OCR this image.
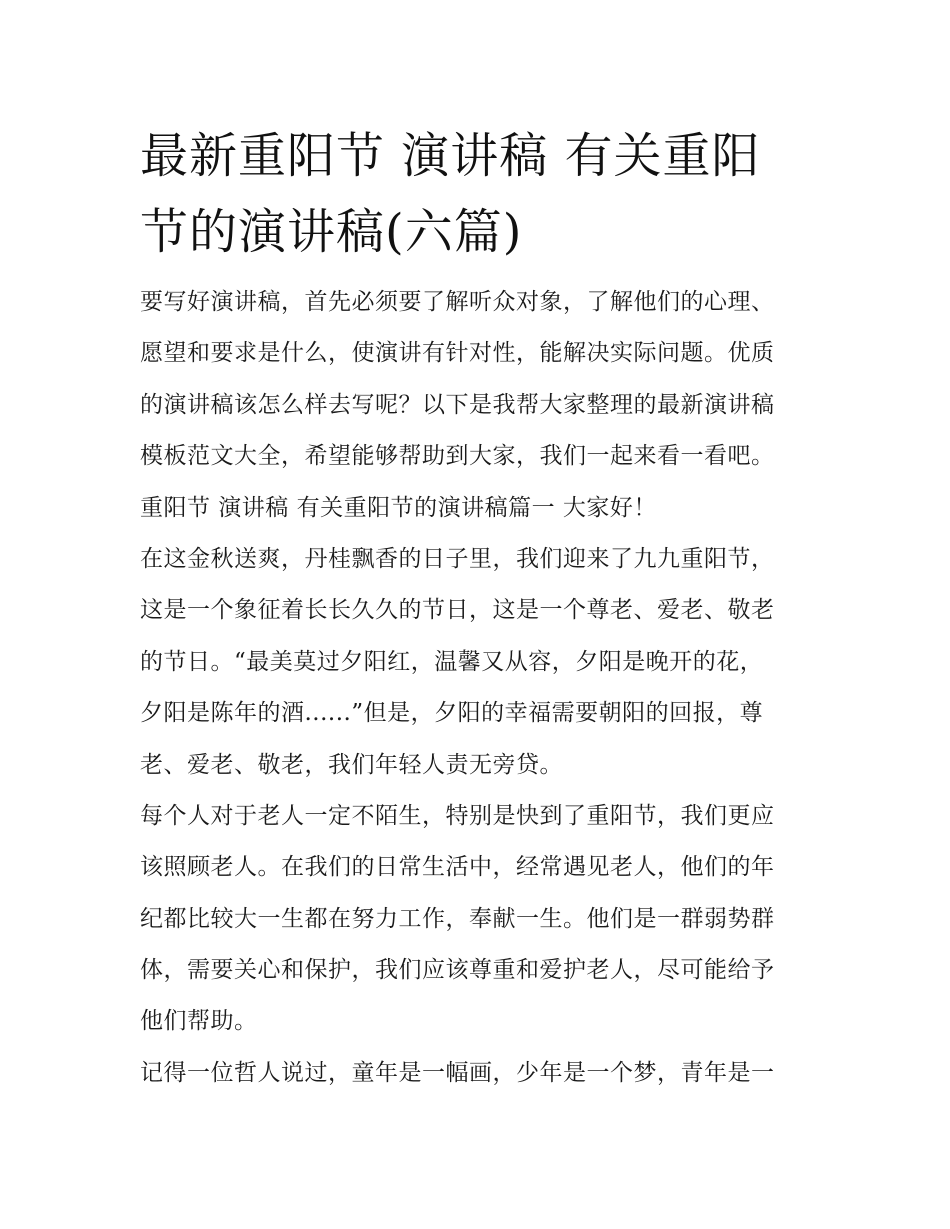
最新重阳节 演讲稿 有关重阳
节的演讲稿(六篇)
要写好演讲稿，首先必须要了解听众对象，了解他们的心理、
愿望和要求是什么，使演讲有针对性，能解决实际问题。优质
的演讲稿该怎么样去写呢？以下是我帮大家整理的最新演讲稿
模板范文大全，希望能够帮助到大家，我们一起来看一看吧。
重阳节 演讲稿 有关重阳节的演讲稿篇一 大家好！
在这金秋送爽，丹桂飘香的日子里，我们迎来了九九重阳节，
这是一个象征着长长久久的节日，这是一个尊老、爱老、敬老
的节日。“最美莫过夕阳红，温馨又从容，夕阳是晚开的花，
夕阳是陈年的酒......”但是，夕阳的幸福需要朝阳的回报，尊
老、爱老、敬老，我们年轻人责无旁贷。
每个人对于老人一定不陌生，特别是快到了重阳节，我们更应
该照顾老人。在我们的日常生活中，经常遇见老人，他们的年
纪都比较大一生都在努力工作，奉献一生。他们是一群弱势群
体，需要关心和保护，我们应该尊重和爱护老人，尽可能给予
他们帮助。
记得一位哲人说过，童年是一幅画，少年是一个梦，青年是一
